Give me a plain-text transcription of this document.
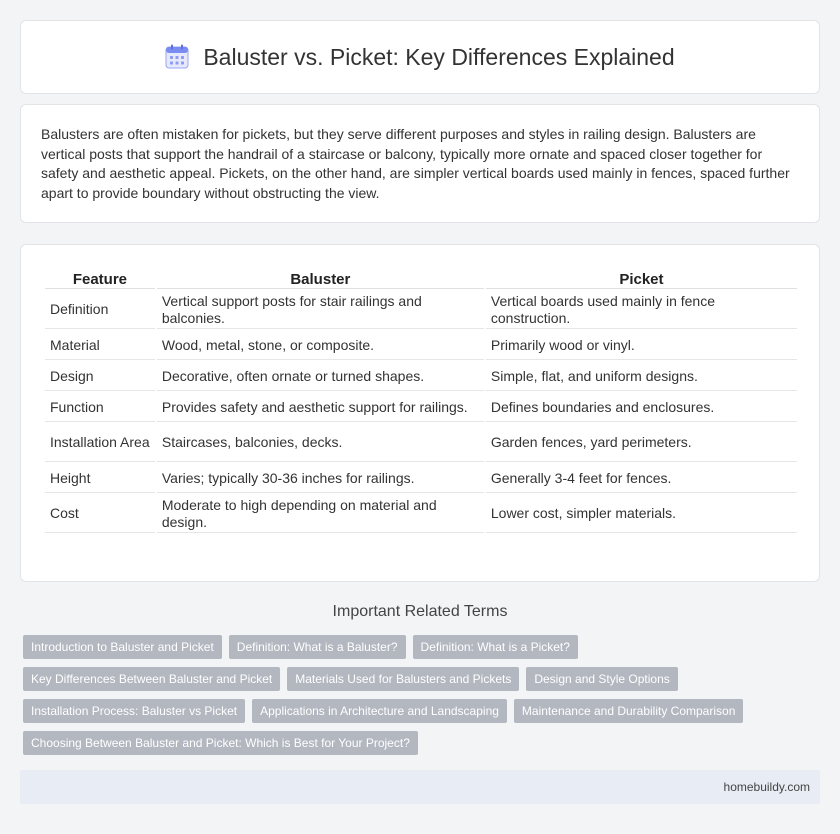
Baluster vs. Picket: Key Differences Explained

Balusters are often mistaken for pickets, but they serve different purposes and styles in railing design. Balusters are vertical posts that support the handrail of a staircase or balcony, typically more ornate and spaced closer together for safety and aesthetic appeal. Pickets, on the other hand, are simpler vertical boards used mainly in fences, spaced further apart to provide boundary without obstructing the view.

Feature	Baluster	Picket
Definition	Vertical support posts for stair railings and balconies.	Vertical boards used mainly in fence construction.
Material	Wood, metal, stone, or composite.	Primarily wood or vinyl.
Design	Decorative, often ornate or turned shapes.	Simple, flat, and uniform designs.
Function	Provides safety and aesthetic support for railings.	Defines boundaries and enclosures.
Installation Area	Staircases, balconies, decks.	Garden fences, yard perimeters.
Height	Varies; typically 30-36 inches for railings.	Generally 3-4 feet for fences.
Cost	Moderate to high depending on material and design.	Lower cost, simpler materials.
Important Related Terms
Introduction to Baluster and Picket	Definition: What is a Baluster?	Definition: What is a Picket?
Key Differences Between Baluster and Picket	Materials Used for Balusters and Pickets	Design and Style Options
Installation Process: Baluster vs Picket	Applications in Architecture and Landscaping	Maintenance and Durability Comparison
Choosing Between Baluster and Picket: Which is Best for Your Project?
homebuildy.com
